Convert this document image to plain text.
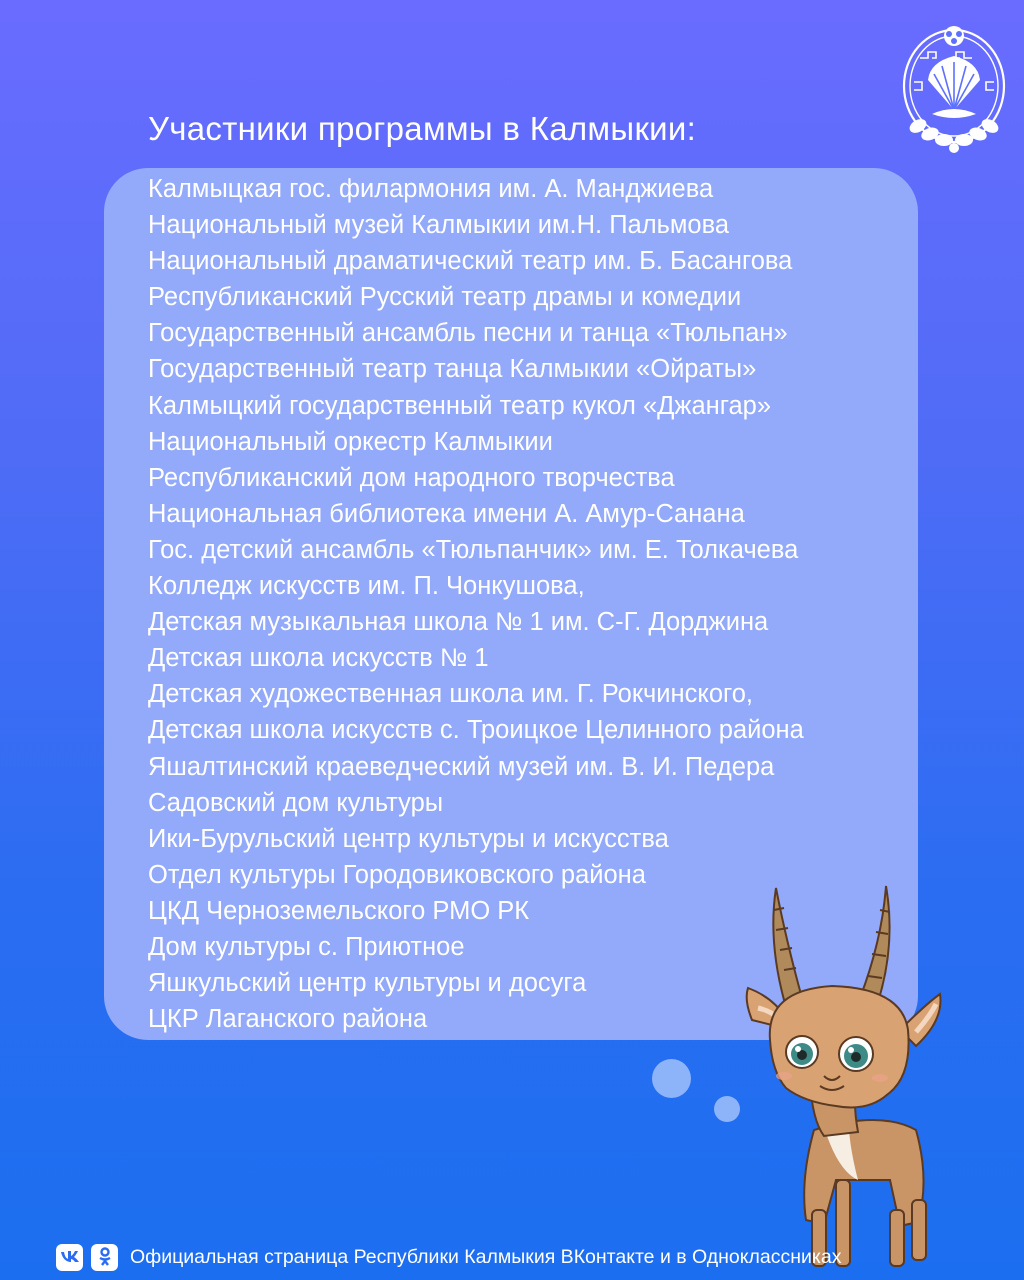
Участники программы в Калмыкии:
Калмыцкая гос. филармония им. А. Манджиева
Национальный музей Калмыкии им.Н. Пальмова
Национальный драматический театр им. Б. Басангова
Республиканский Русский театр драмы и комедии
Государственный ансамбль песни и танца «Тюльпан»
Государственный театр танца Калмыкии «Ойраты»
Калмыцкий государственный театр кукол «Джангар»
Национальный оркестр Калмыкии
Республиканский дом народного творчества
Национальная библиотека имени А. Амур-Санана
Гос. детский ансамбль «Тюльпанчик» им. Е. Толкачева
Колледж искусств им. П. Чонкушова,
Детская музыкальная школа № 1 им. С-Г. Дорджина
Детская школа искусств № 1
Детская художественная школа им. Г. Рокчинского,
Детская школа искусств с. Троицкое Целинного района
Яшалтинский краеведческий музей им. В. И. Педера
Садовский дом культуры
Ики-Бурульский центр культуры и искусства
Отдел культуры Городовиковского района
ЦКД Черноземельского РМО РК
Дом культуры с. Приютное
Яшкульский центр культуры и досуга
ЦКР Лаганского района
Официальная страница Республики Калмыкия ВКонтакте и в Одноклассниках
